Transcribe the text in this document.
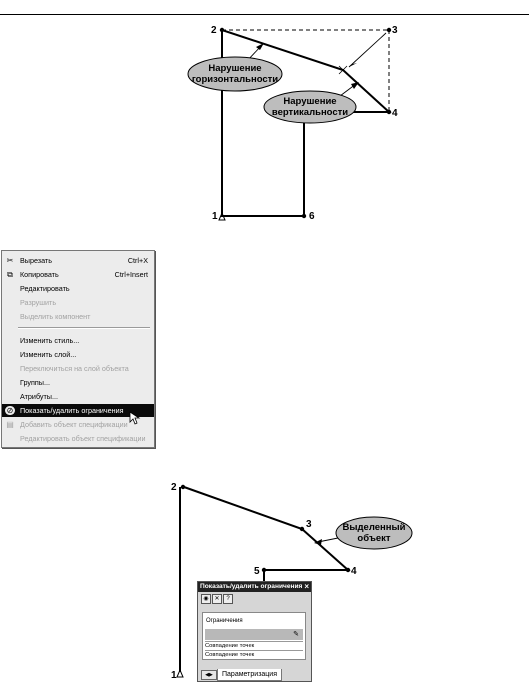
Нарушение
горизонтальности
Нарушение
вертикальности
2	3
4
1	6
Выделенный
объект
2
3
4
5
1
✂ Вырезать	Ctrl+X
⧉ Копировать	Ctrl+Insert
Редактировать
Разрушить
Выделить компонент
Изменить стиль...
Изменить слой...
Переключиться на слой объекта
Группы...
Атрибуты...
⊘ Показать/удалить ограничения
▤ Добавить объект спецификации
Редактировать объект спецификации
Показать/удалить ограничения ×
◉ ✕	?
Ограничения
✎
Совпадение точек
Совпадение точек
◀▶	Параметризация
